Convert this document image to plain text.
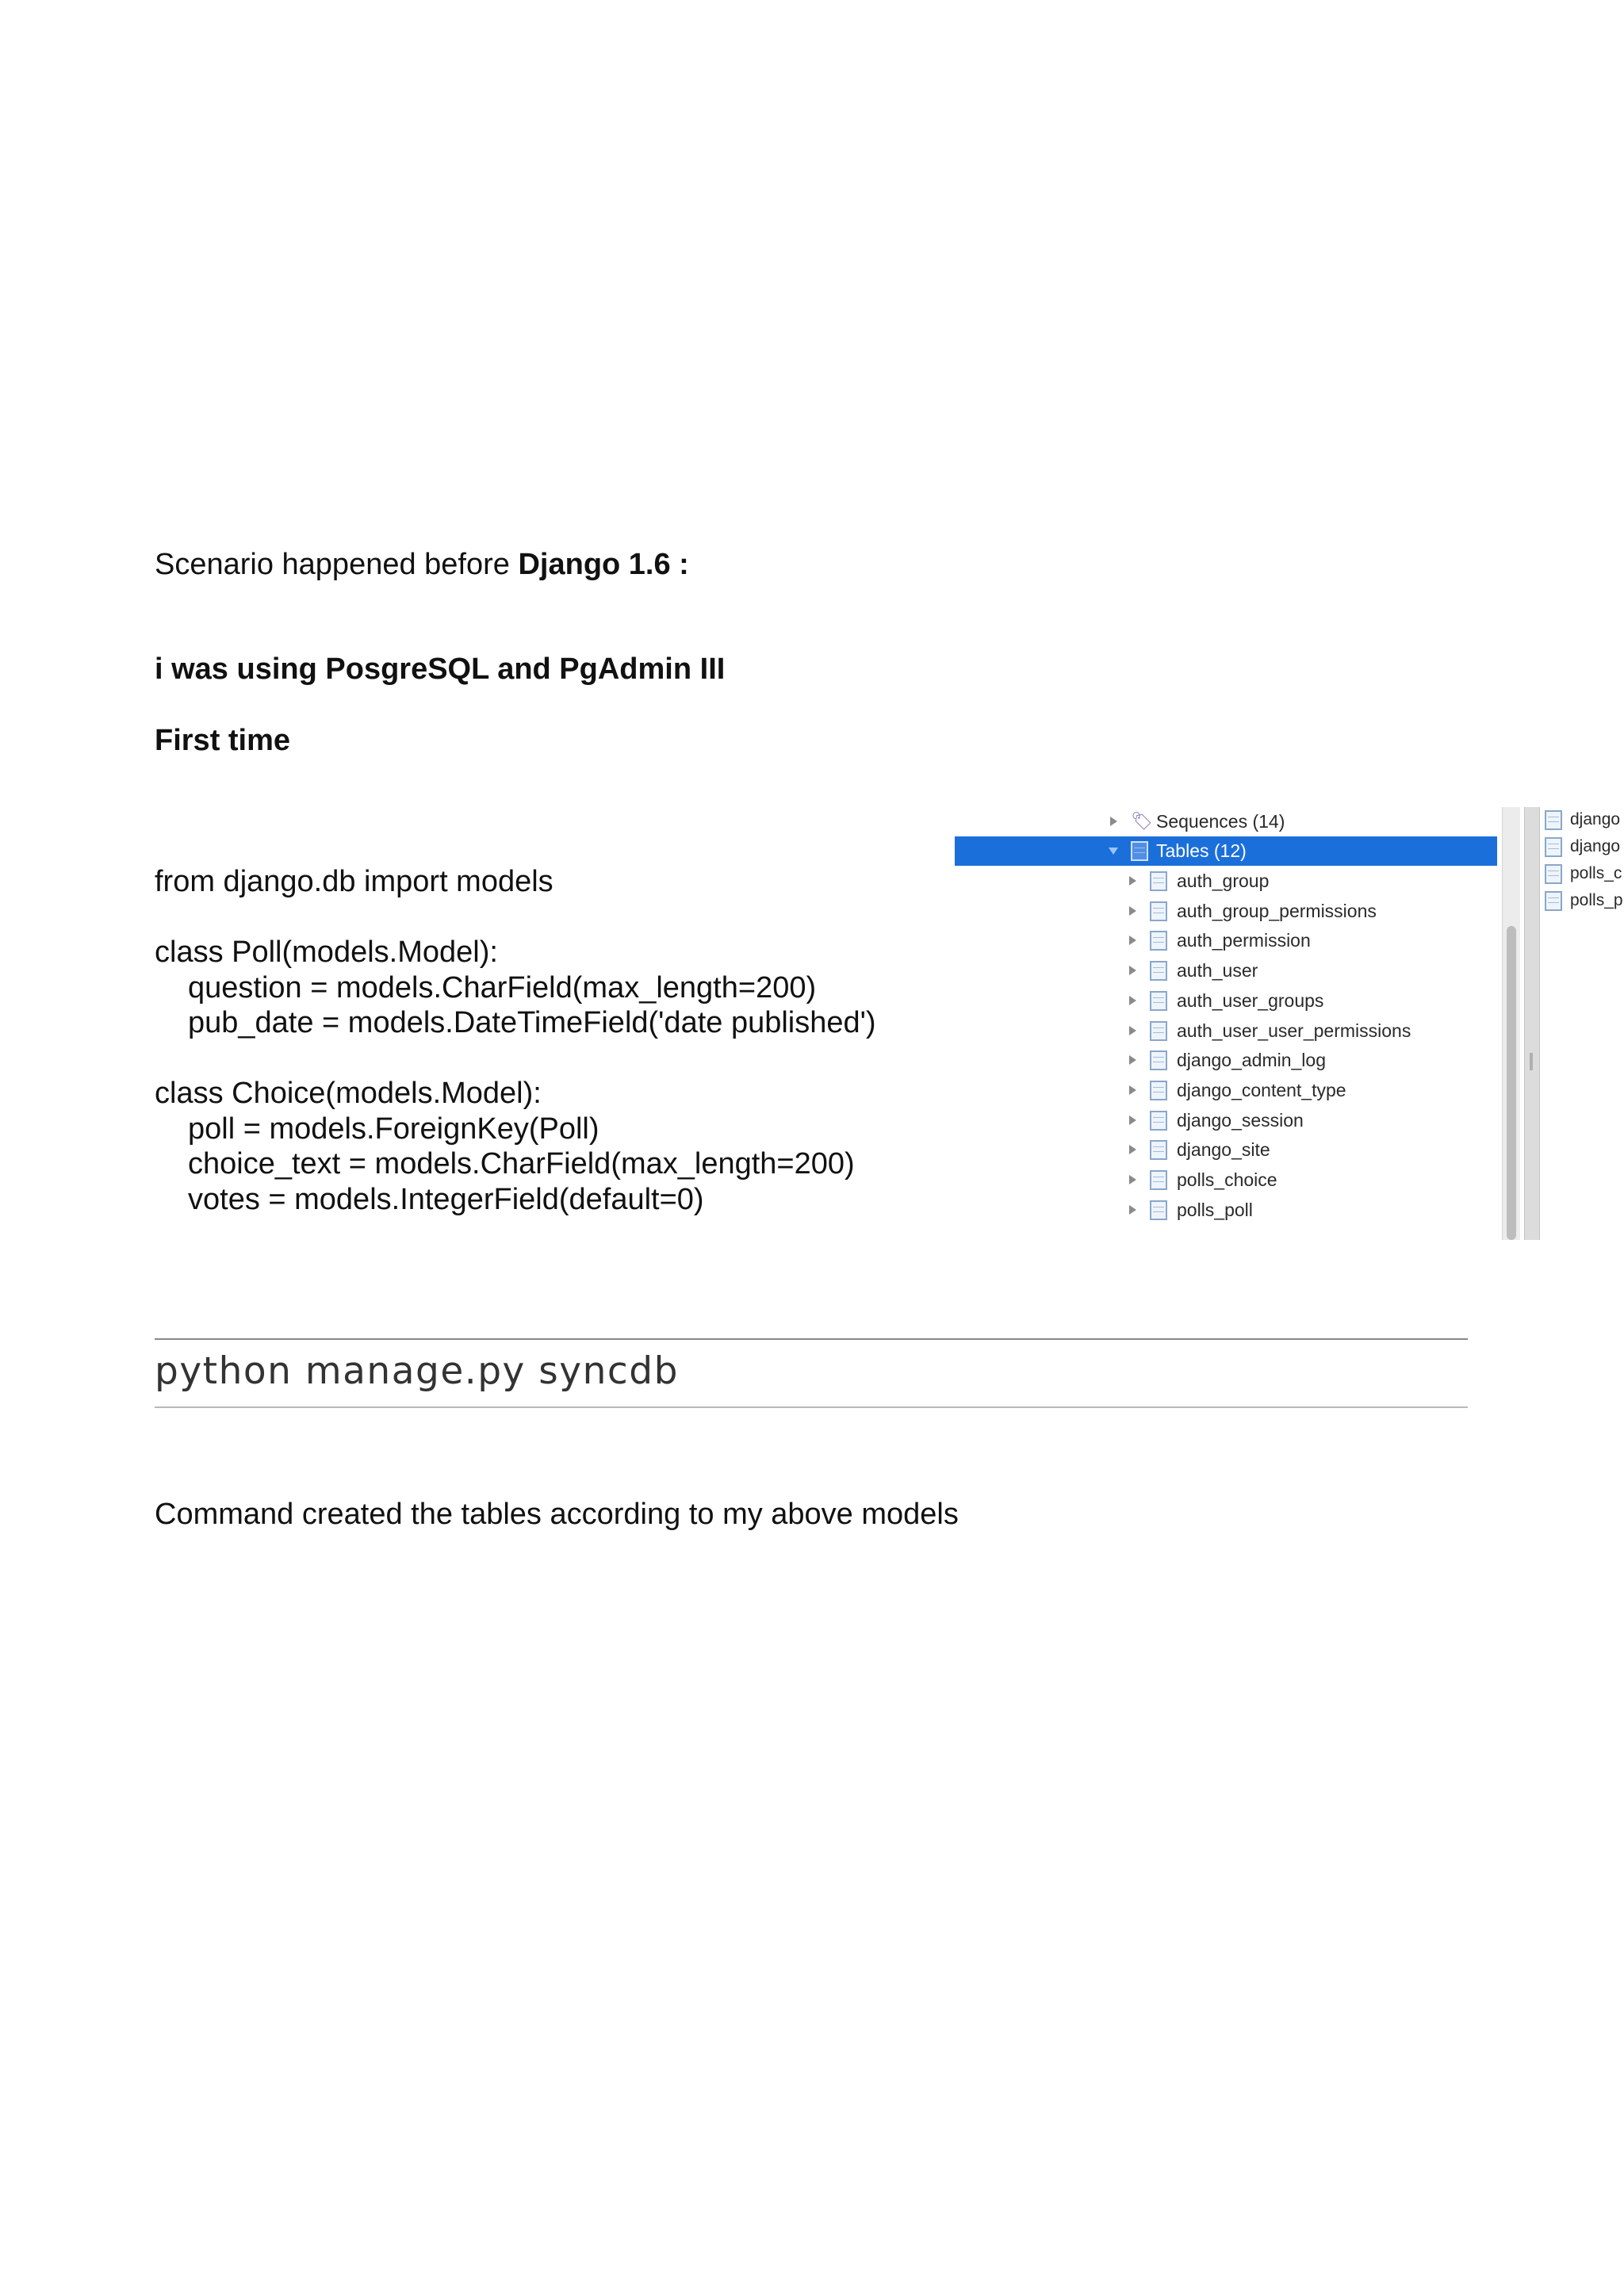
Scenario happened before Django 1.6 :

i was using PosgreSQL and PgAdmin III

First time

from django.db import models

class Poll(models.Model):
question = models.CharField(max_length=200)
pub_date = models.DateTimeField('date published')

class Choice(models.Model):
poll = models.ForeignKey(Poll)
choice_text = models.CharField(max_length=200)
votes = models.IntegerField(default=0)
🏷 Sequences (14)
Tables (12)
auth_group
auth_group_permissions
auth_permission
auth_user
auth_user_groups
auth_user_user_permissions
django_admin_log
django_content_type
django_session
django_site
polls_choice
polls_poll
django
django
polls_c
polls_p
python manage.py syncdb

Command created the tables according to my above models
